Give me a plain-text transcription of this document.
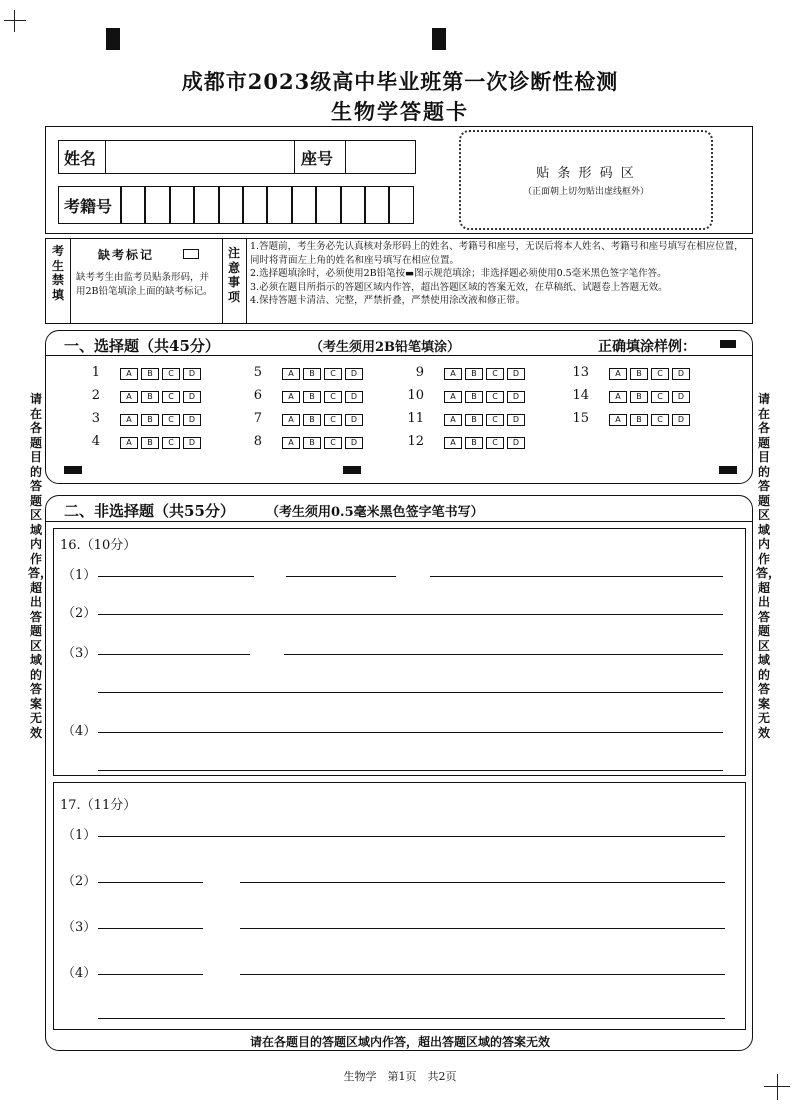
成都市2023级高中毕业班第一次诊断性检测
生物学答题卡
姓名	座号
考籍号
贴 条 形 码 区
（正面朝上切勿贴出虚线框外）
考生禁填
缺考标记
缺考考生由监考员贴条形码，并用2B铅笔填涂上面的缺考标记。
注意事项
1.答题前，考生务必先认真核对条形码上的姓名、考籍号和座号，无误后将本人姓名、考籍号和座号填写在相应位置，同时将背面左上角的姓名和座号填写在相应位置。
2.选择题填涂时，必须使用2B铅笔按▬图示规范填涂；非选择题必须使用0.5毫米黑色签字笔作答。
3.必须在题目所指示的答题区域内作答，超出答题区域的答案无效，在草稿纸、试题卷上答题无效。
4.保持答题卡清洁、完整，严禁折叠，严禁使用涂改液和修正带。
一、选择题（共45分）	（考生须用2B铅笔填涂）	正确填涂样例：
1	A	B	C	D
2	A	B	C	D
3	A	B	C	D
4	A	B	C	D
5	A	B	C	D
6	A	B	C	D
7	A	B	C	D
8	A	B	C	D
9	A	B	C	D
10	A	B	C	D
11	A	B	C	D
12	A	B	C	D
13	A	B	C	D
14	A	B	C	D
15	A	B	C	D
请在各题目的答题区域内作答，超出答题区域的答案无效
请在各题目的答题区域内作答，超出答题区域的答案无效
二、非选择题（共55分） （考生须用0.5毫米黑色签字笔书写）
16.（10分）
（1）
（2）
（3）
（4）
17.（11分）
（1）
（2）
（3）
（4）
请在各题目的答题区域内作答，超出答题区域的答案无效
生物学　第1页　共2页
